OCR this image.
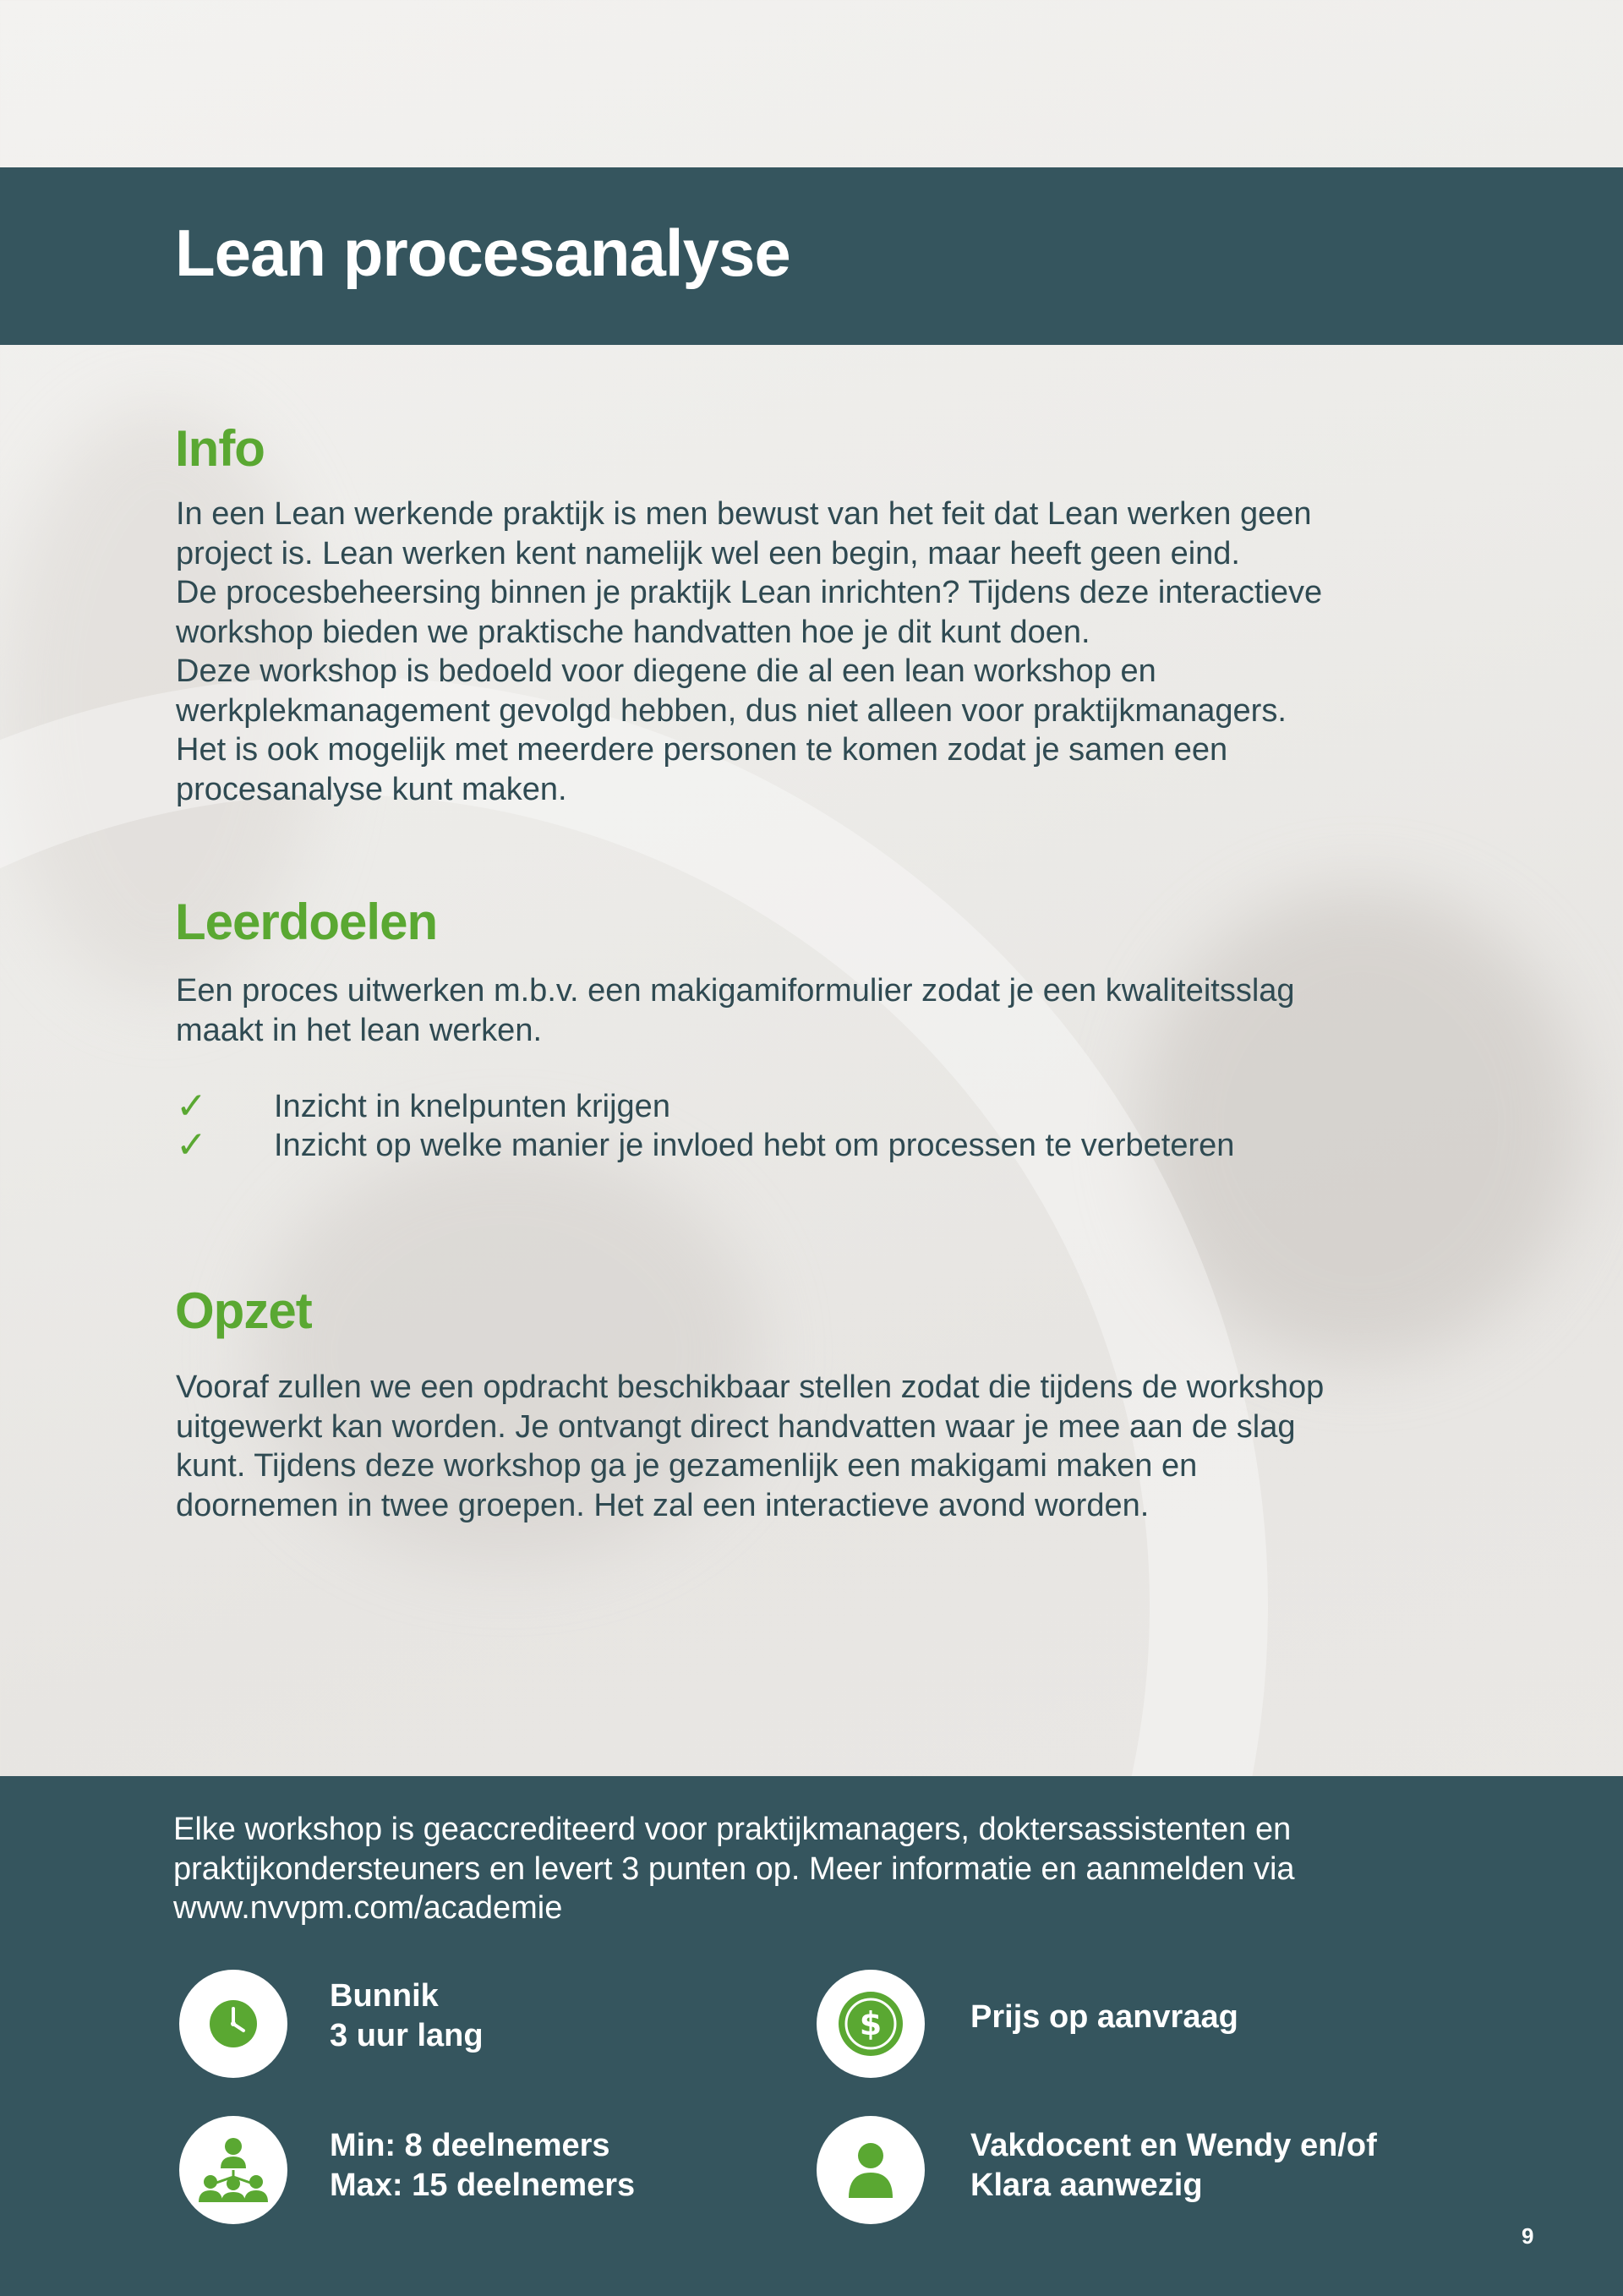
Lean procesanalyse
Info
In een Lean werkende praktijk is men bewust van het feit dat Lean werken geen
project is. Lean werken kent namelijk wel een begin, maar heeft geen eind.
De procesbeheersing binnen je praktijk Lean inrichten? Tijdens deze interactieve
workshop bieden we praktische handvatten hoe je dit kunt doen.
Deze workshop is bedoeld voor diegene die al een lean workshop en
werkplekmanagement gevolgd hebben, dus niet alleen voor praktijkmanagers.
Het is ook mogelijk met meerdere personen te komen zodat je samen een
procesanalyse kunt maken.
Leerdoelen
Een proces uitwerken m.b.v. een makigamiformulier zodat je een kwaliteitsslag
maakt in het lean werken.
✓ Inzicht in knelpunten krijgen
✓ Inzicht op welke manier je invloed hebt om processen te verbeteren
Opzet
Vooraf zullen we een opdracht beschikbaar stellen zodat die tijdens de workshop
uitgewerkt kan worden. Je ontvangt direct handvatten waar je mee aan de slag
kunt. Tijdens deze workshop ga je gezamenlijk een makigami maken en
doornemen in twee groepen. Het zal een interactieve avond worden.
Elke workshop is geaccrediteerd voor praktijkmanagers, doktersassistenten en
praktijkondersteuners en levert 3 punten op. Meer informatie en aanmelden via
www.nvvpm.com/academie
Bunnik
3 uur lang	$	Prijs op aanvraag
Min: 8 deelnemers
Max: 15 deelnemers
Vakdocent en Wendy en/of
Klara aanwezig
9
